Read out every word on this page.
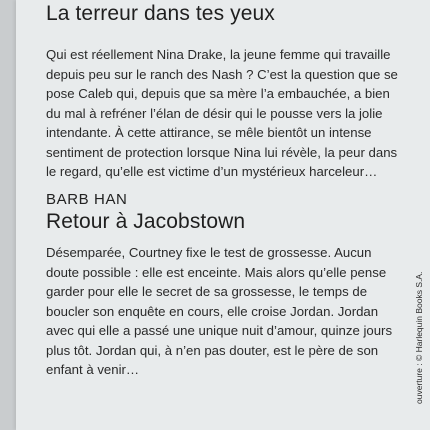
La terreur dans tes yeux

Qui est réellement Nina Drake, la jeune femme qui travaille depuis peu sur le ranch des Nash ? C’est la question que se pose Caleb qui, depuis que sa mère l’a embauchée, a bien du mal à refréner l’élan de désir qui le pousse vers la jolie intendante. À cette attirance, se mêle bientôt un intense sentiment de protection lorsque Nina lui révèle, la peur dans le regard, qu’elle est victime d’un mystérieux harceleur…

BARB HAN
Retour à Jacobstown

Désemparée, Courtney fixe le test de grossesse. Aucun doute possible : elle est enceinte. Mais alors qu’elle pense garder pour elle le secret de sa grossesse, le temps de boucler son enquête en cours, elle croise Jordan. Jordan avec qui elle a passé une unique nuit d’amour, quinze jours plus tôt. Jordan qui, à n’en pas douter, est le père de son enfant à venir…	ouverture : © Harlequin Books S.A.
